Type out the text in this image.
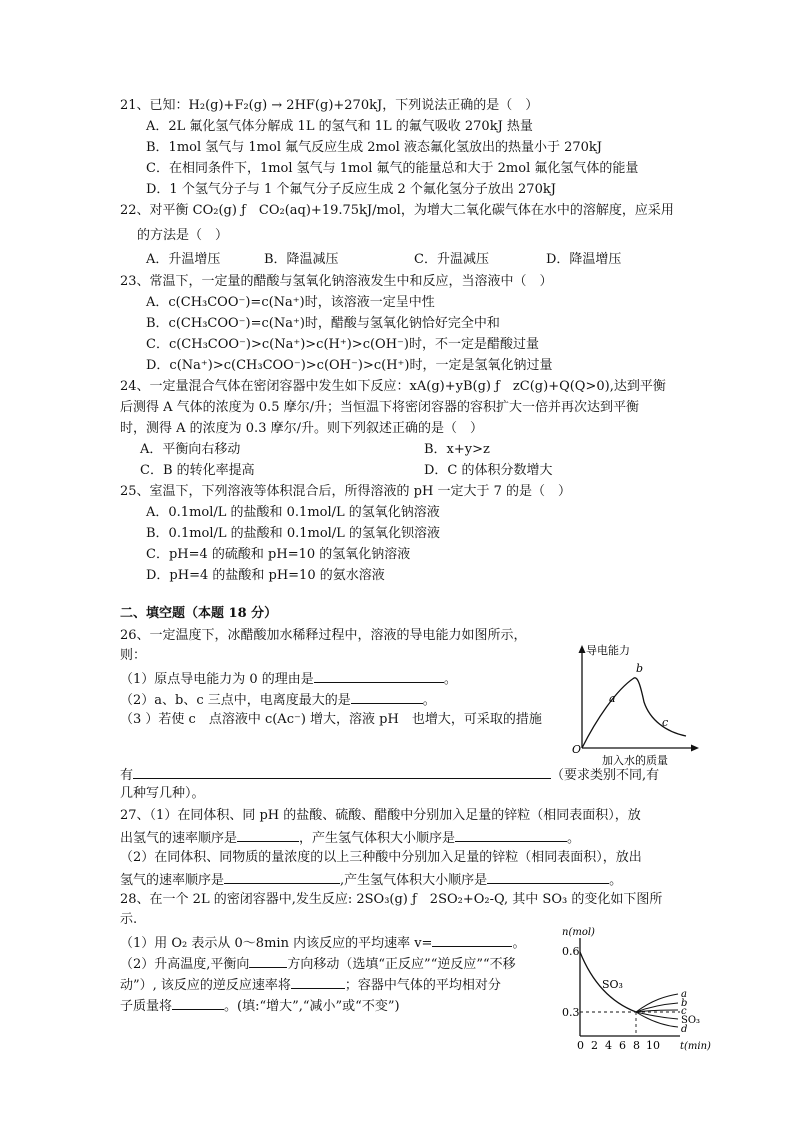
21、已知：H₂(g)+F₂(g) → 2HF(g)+270kJ，下列说法正确的是（　）
A．2L 氟化氢气体分解成 1L 的氢气和 1L 的氟气吸收 270kJ 热量
B．1mol 氢气与 1mol 氟气反应生成 2mol 液态氟化氢放出的热量小于 270kJ
C．在相同条件下，1mol 氢气与 1mol 氟气的能量总和大于 2mol 氟化氢气体的能量
D．1 个氢气分子与 1 个氟气分子反应生成 2 个氟化氢分子放出 270kJ
22、对平衡 CO₂(g) ƒ　CO₂(aq)+19.75kJ/mol，为增大二氧化碳气体在水中的溶解度，应采用
的方法是（　）
A．升温增压	B．降温减压	C．升温减压	D．降温增压
23、常温下，一定量的醋酸与氢氧化钠溶液发生中和反应，当溶液中（　）
A．c(CH₃COO⁻)=c(Na⁺)时，该溶液一定呈中性
B．c(CH₃COO⁻)=c(Na⁺)时，醋酸与氢氧化钠恰好完全中和
C．c(CH₃COO⁻)>c(Na⁺)>c(H⁺)>c(OH⁻)时，不一定是醋酸过量
D．c(Na⁺)>c(CH₃COO⁻)>c(OH⁻)>c(H⁺)时，一定是氢氧化钠过量
24、一定量混合气体在密闭容器中发生如下反应：xA(g)+yB(g) ƒ　zC(g)+Q(Q>0),达到平衡
后测得 A 气体的浓度为 0.5 摩尔/升；当恒温下将密闭容器的容积扩大一倍并再次达到平衡
时，测得 A 的浓度为 0.3 摩尔/升。则下列叙述正确的是（　）
A．平衡向右移动	B．x+y>z
C．B 的转化率提高	D．C 的体积分数增大
25、室温下，下列溶液等体积混合后，所得溶液的 pH 一定大于 7 的是（　）
A．0.1mol/L 的盐酸和 0.1mol/L 的氢氧化钠溶液
B．0.1mol/L 的盐酸和 0.1mol/L 的氢氧化钡溶液
C．pH=4 的硫酸和 pH=10 的氢氧化钠溶液
D．pH=4 的盐酸和 pH=10 的氨水溶液
二、填空题（本题 18 分）
26、一定温度下，冰醋酸加水稀释过程中，溶液的导电能力如图所示，
则：
（1）原点导电能力为 0 的理由是	。
（2）a、b、c 三点中，电离度最大的是	。
（3 ）若使 c　点溶液中 c(Ac⁻) 增大，溶液 pH　也增大，可采取的措施
有	（要求类别不同,有
几种写几种）。
导电能力
O
加入水的质量
a
b
c
27、（1）在同体积、同 pH 的盐酸、硫酸、醋酸中分别加入足量的锌粒（相同表面积），放
出氢气的速率顺序是	，产生氢气体积大小顺序是	。
（2）在同体积、同物质的量浓度的以上三种酸中分别加入足量的锌粒（相同表面积），放出
氢气的速率顺序是	,产生氢气体积大小顺序是	。
28、在一个 2L 的密闭容器中,发生反应: 2SO₃(g) ƒ　2SO₂+O₂-Q, 其中 SO₃ 的变化如下图所
示.
（1）用 O₂ 表示从 0～8min 内该反应的平均速率 v=	。
（2）升高温度,平衡向	方向移动（选填“正反应”“逆反应”“不移
动”）, 该反应的逆反应速率将	；容器中气体的平均相对分
子质量将	。(填:“增大”,“减小”或“不变”)
n(mol)
0.6
0.3
0 2 4 6 8 10 t(min)
SO₃
a
b
c
SO₃
d
